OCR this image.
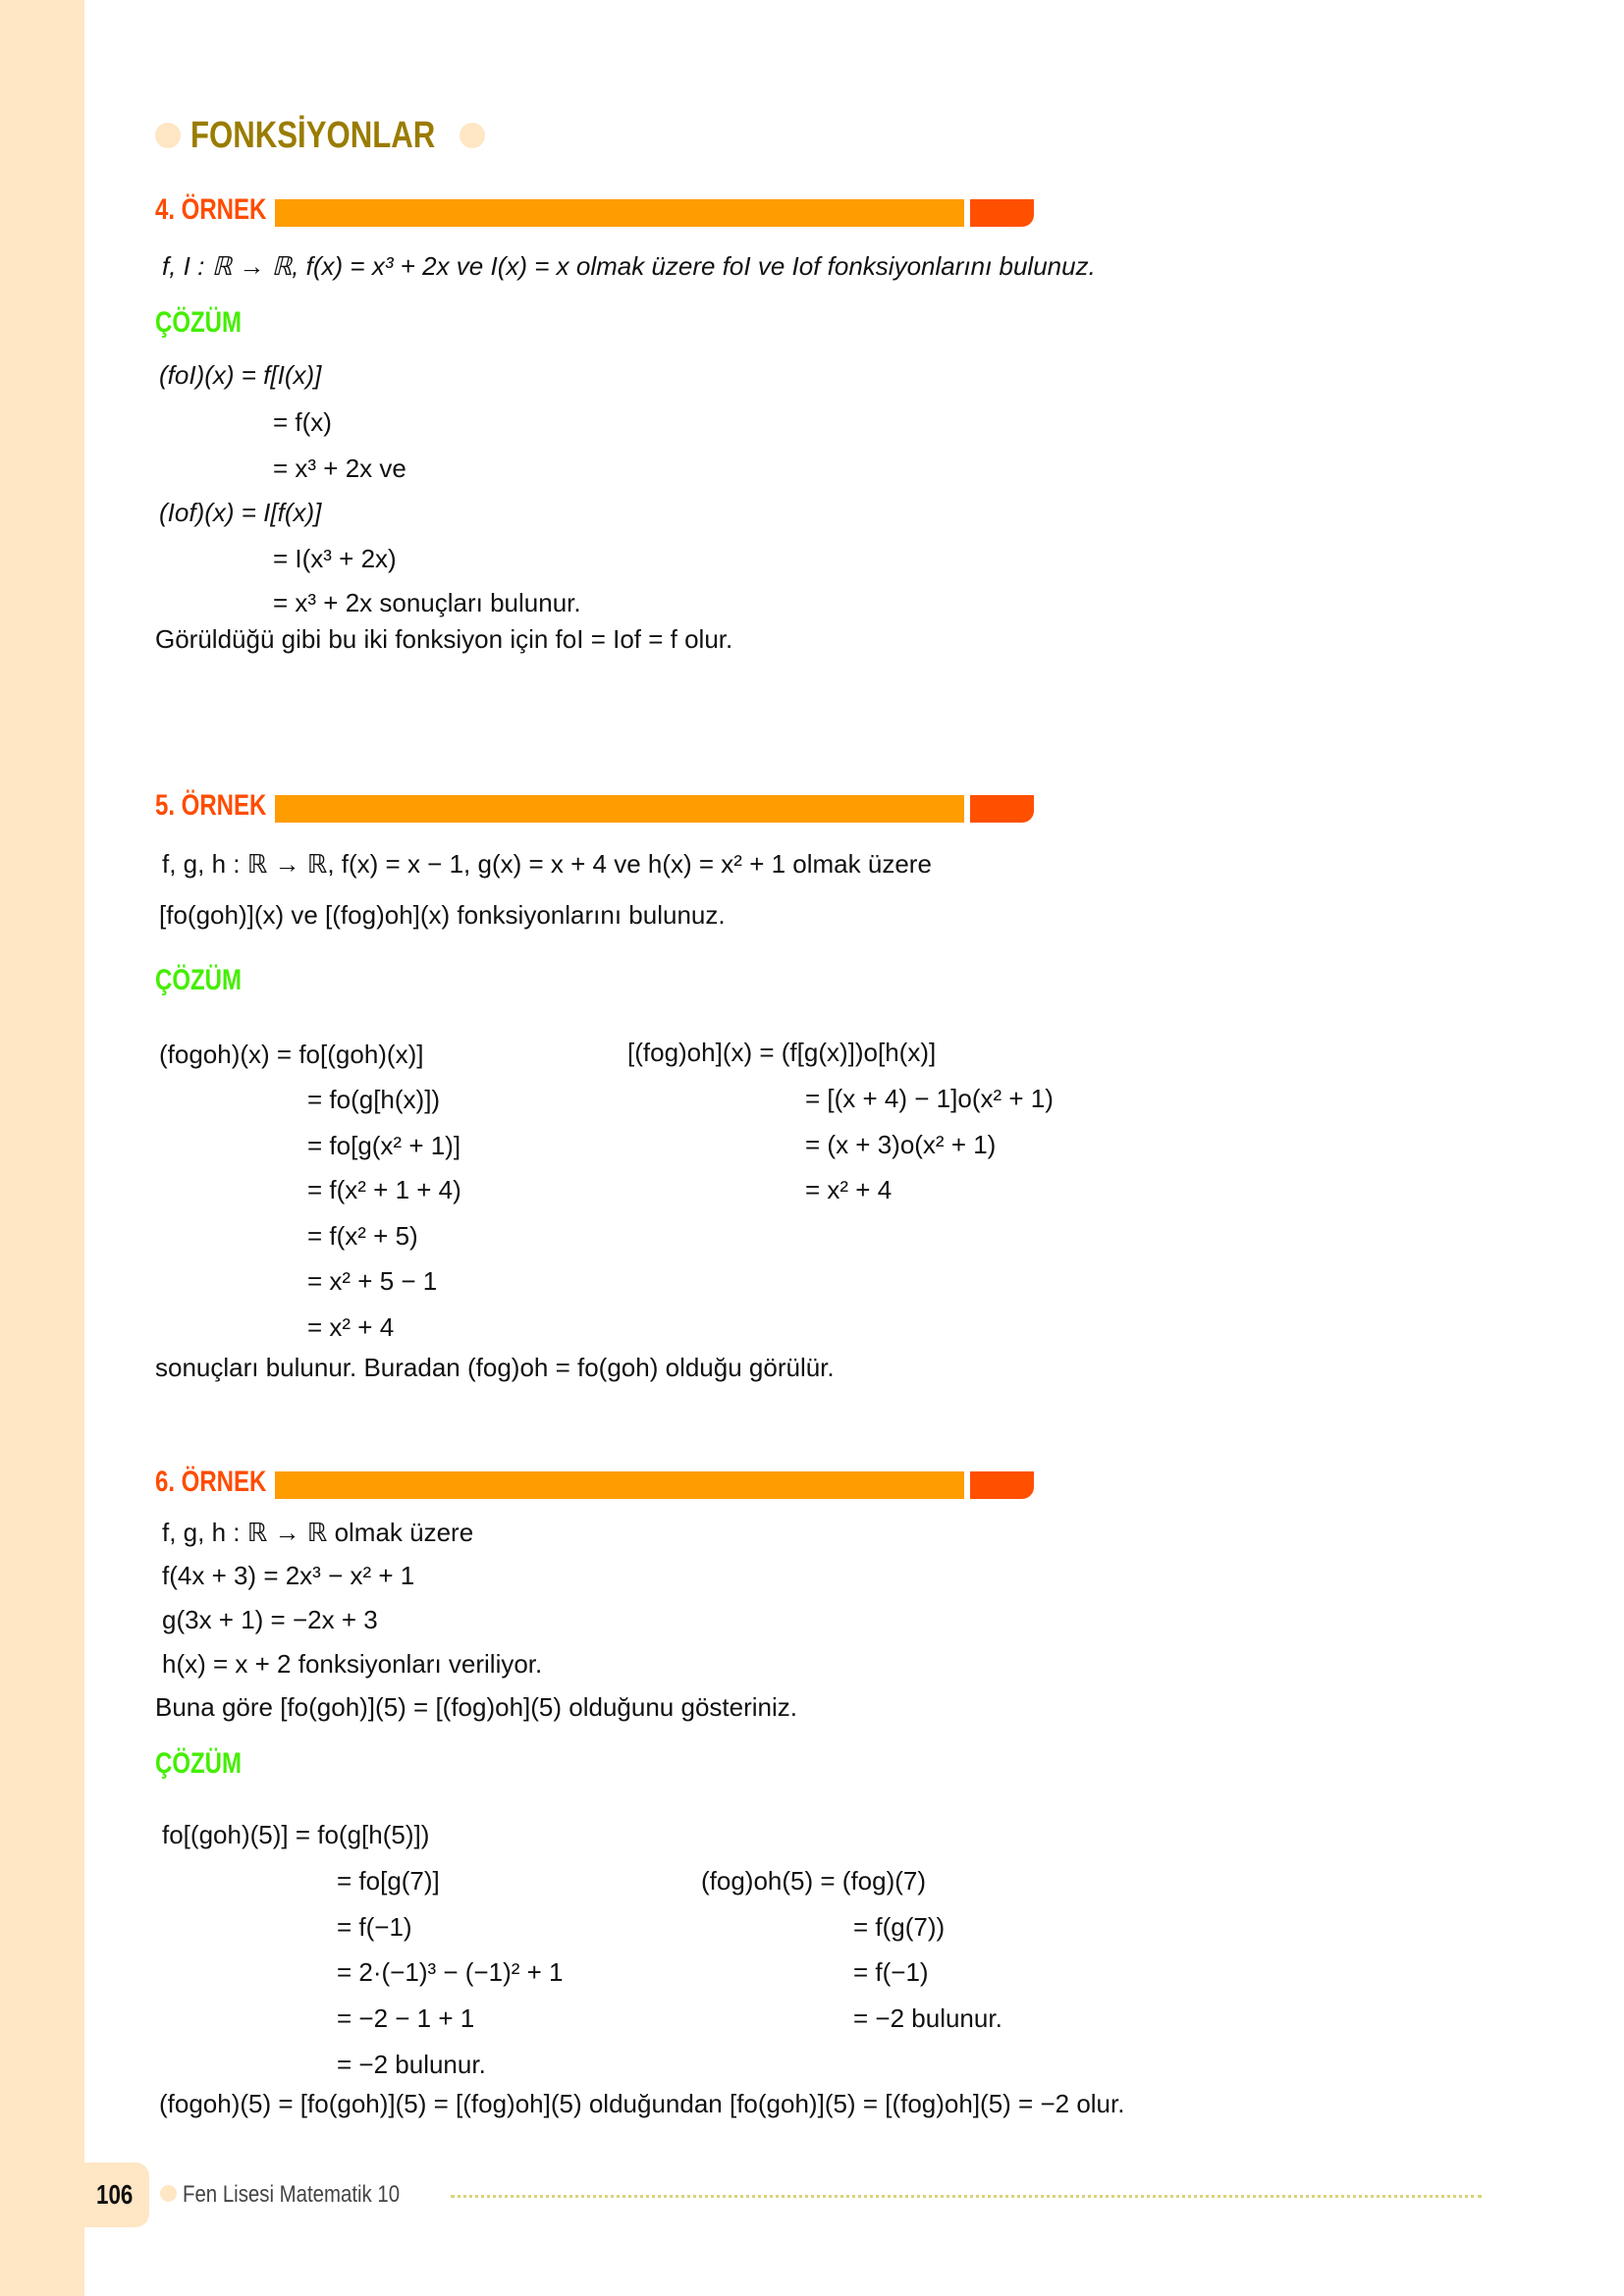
FONKSİYONLAR
4. ÖRNEK
f, I : ℝ → ℝ, f(x) = x³ + 2x ve I(x) = x olmak üzere foI ve Iof fonksiyonlarını bulunuz.
ÇÖZÜM
(foI)(x) = f[I(x)]
= f(x)
= x³ + 2x ve
(Iof)(x) = I[f(x)]
= I(x³ + 2x)
= x³ + 2x sonuçları bulunur.
Görüldüğü gibi bu iki fonksiyon için foI = Iof = f olur.
5. ÖRNEK
f, g, h : ℝ → ℝ, f(x) = x − 1, g(x) = x + 4 ve h(x) = x² + 1 olmak üzere
[fo(goh)](x) ve [(fog)oh](x) fonksiyonlarını bulunuz.
ÇÖZÜM
(fogoh)(x) = fo[(goh)(x)]
= fo(g[h(x)])
= fo[g(x² + 1)]
= f(x² + 1 + 4)
= f(x² + 5)
= x² + 5 − 1
= x² + 4
[(fog)oh](x) = (f[g(x)])o[h(x)]
= [(x + 4) − 1]o(x² + 1)
= (x + 3)o(x² + 1)
= x² + 4
sonuçları bulunur. Buradan (fog)oh = fo(goh) olduğu görülür.
6. ÖRNEK
f, g, h : ℝ → ℝ olmak üzere
f(4x + 3) = 2x³ − x² + 1
g(3x + 1) = −2x + 3
h(x) = x + 2 fonksiyonları veriliyor.
Buna göre [fo(goh)](5) = [(fog)oh](5) olduğunu gösteriniz.
ÇÖZÜM
fo[(goh)(5)] = fo(g[h(5)])
= fo[g(7)]
= f(−1)
= 2·(−1)³ − (−1)² + 1
= −2 − 1 + 1
= −2 bulunur.
(fog)oh(5) = (fog)(7)
= f(g(7))
= f(−1)
= −2 bulunur.
(fogoh)(5) = [fo(goh)](5) = [(fog)oh](5) olduğundan [fo(goh)](5) = [(fog)oh](5) = −2 olur.
106 Fen Lisesi Matematik 10
